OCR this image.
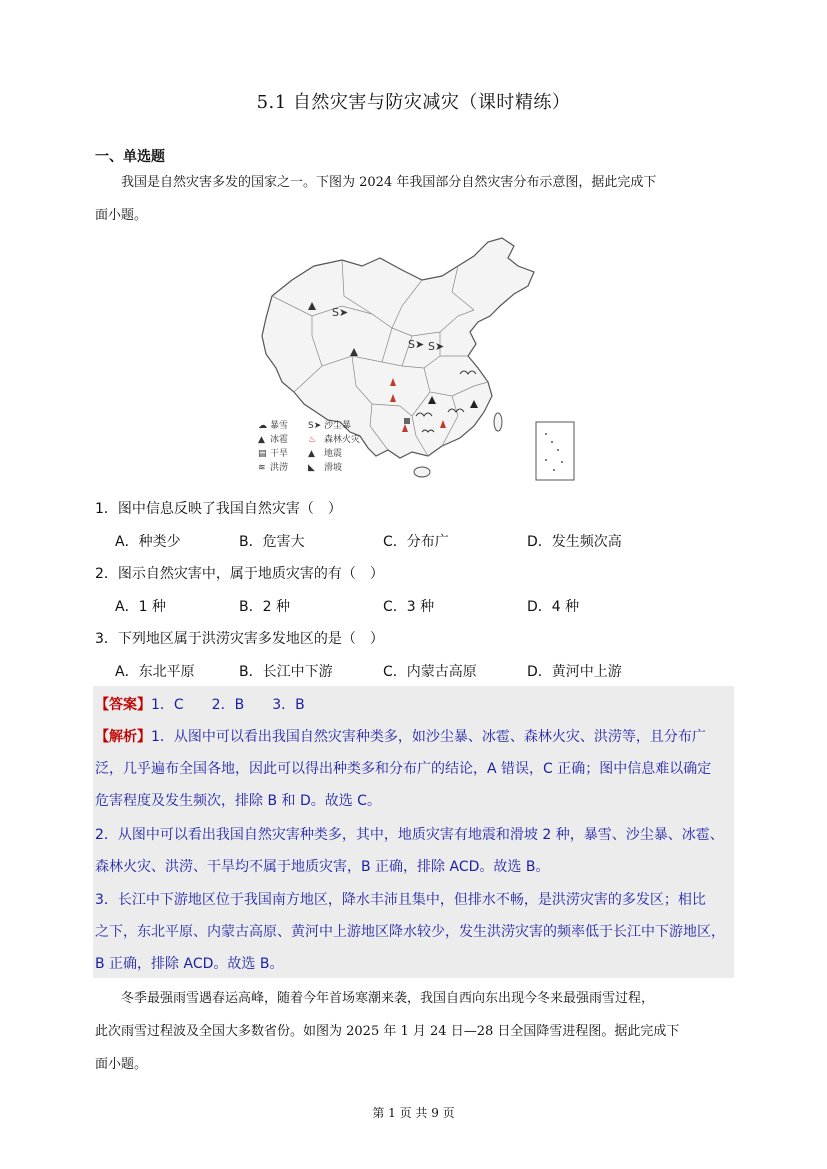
5.1 自然灾害与防灾减灾（课时精练）
一、单选题
我国是自然灾害多发的国家之一。下图为 2024 年我国部分自然灾害分布示意图，据此完成下
面小题。
S➤
S➤ S➤
☁ 暴雪 S➤ 沙尘暴
▲ 冰雹 ♨ 森林火灾
▤ 干旱 ▲ 地震
≋ 洪涝 ◣ 滑坡
1．图中信息反映了我国自然灾害（　）
A．种类少	B．危害大	C．分布广	D．发生频次高
2．图示自然灾害中，属于地质灾害的有（　）
A．1 种	B．2 种	C．3 种	D．4 种
3．下列地区属于洪涝灾害多发地区的是（　）
A．东北平原	B．长江中下游	C．内蒙古高原	D．黄河中上游
【答案】1．C　　2．B　　3．B
【解析】1．从图中可以看出我国自然灾害种类多，如沙尘暴、冰雹、森林火灾、洪涝等，且分布广
泛，几乎遍布全国各地，因此可以得出种类多和分布广的结论，A 错误，C 正确；图中信息难以确定
危害程度及发生频次，排除 B 和 D。故选 C。
2．从图中可以看出我国自然灾害种类多，其中，地质灾害有地震和滑坡 2 种，暴雪、沙尘暴、冰雹、
森林火灾、洪涝、干旱均不属于地质灾害，B 正确，排除 ACD。故选 B。
3．长江中下游地区位于我国南方地区，降水丰沛且集中，但排水不畅，是洪涝灾害的多发区；相比
之下，东北平原、内蒙古高原、黄河中上游地区降水较少，发生洪涝灾害的频率低于长江中下游地区，
B 正确，排除 ACD。故选 B。
冬季最强雨雪遇春运高峰，随着今年首场寒潮来袭，我国自西向东出现今冬来最强雨雪过程，
此次雨雪过程波及全国大多数省份。如图为 2025 年 1 月 24 日—28 日全国降雪进程图。据此完成下
面小题。
第 1 页 共 9 页
